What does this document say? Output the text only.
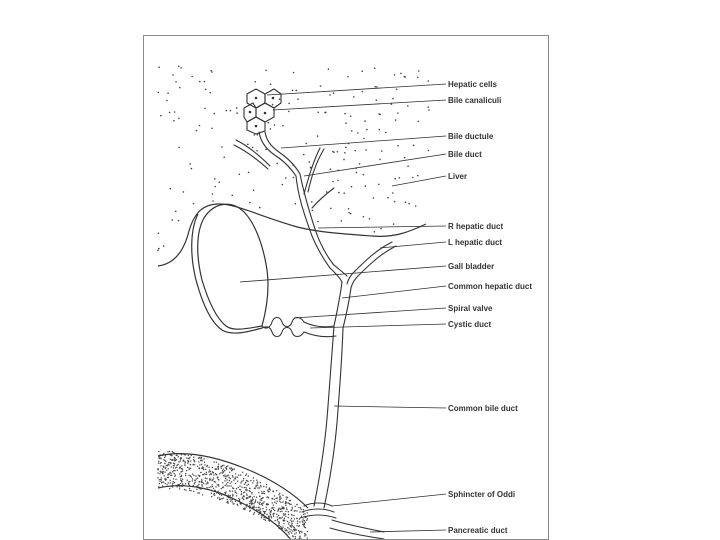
Hepatic cells
Bile canaliculi
Bile ductule
Bile duct
Liver
R hepatic duct
L hepatic duct
Gall bladder
Common hepatic duct
Spiral valve
Cystic duct
Common bile duct
Sphincter of Oddi
Pancreatic duct
